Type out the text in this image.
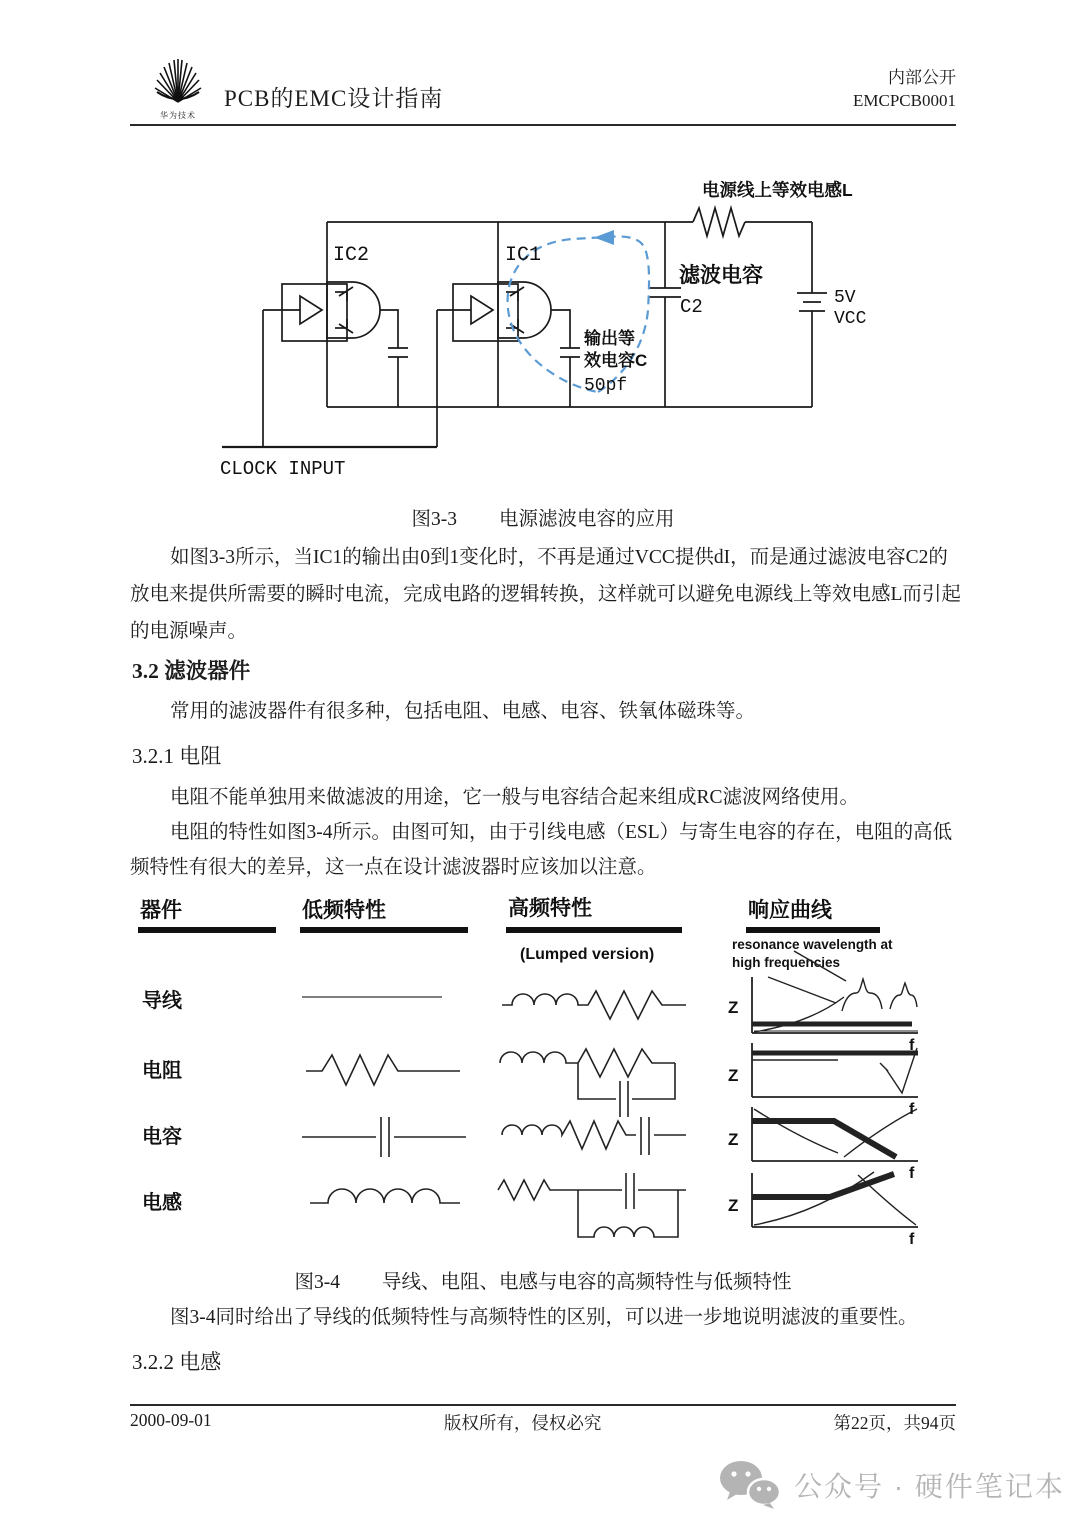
华为技术
PCB的EMC设计指南
内部公开
EMCPCB0001
IC2	IC1
电源线上等效电感L
滤波电容
C2	5V
VCC
输出等
效电容C
50pf
CLOCK INPUT
图3-3 电源滤波电容的应用
如图3-3所示，当IC1的输出由0到1变化时，不再是通过VCC提供dI，而是通过滤波电容C2的
放电来提供所需要的瞬时电流，完成电路的逻辑转换，这样就可以避免电源线上等效电感L而引起
的电源噪声。
3.2 滤波器件
常用的滤波器件有很多种，包括电阻、电感、电容、铁氧体磁珠等。
3.2.1 电阻
电阻不能单独用来做滤波的用途，它一般与电容结合起来组成RC滤波网络使用。
电阻的特性如图3-4所示。由图可知，由于引线电感（ESL）与寄生电容的存在，电阻的高低
频特性有很大的差异，这一点在设计滤波器时应该加以注意。
器件	低频特性	高频特性	响应曲线
(Lumped version)
resonance wavelength at
high frequencies
导线
电阻
电容
电感
Z
f
Z
f
Z
f
Z
f
图3-4 导线、电阻、电感与电容的高频特性与低频特性
图3-4同时给出了导线的低频特性与高频特性的区别，可以进一步地说明滤波的重要性。
3.2.2 电感
2000-09-01	版权所有，侵权必究	第22页，共94页
公众号 · 硬件笔记本
